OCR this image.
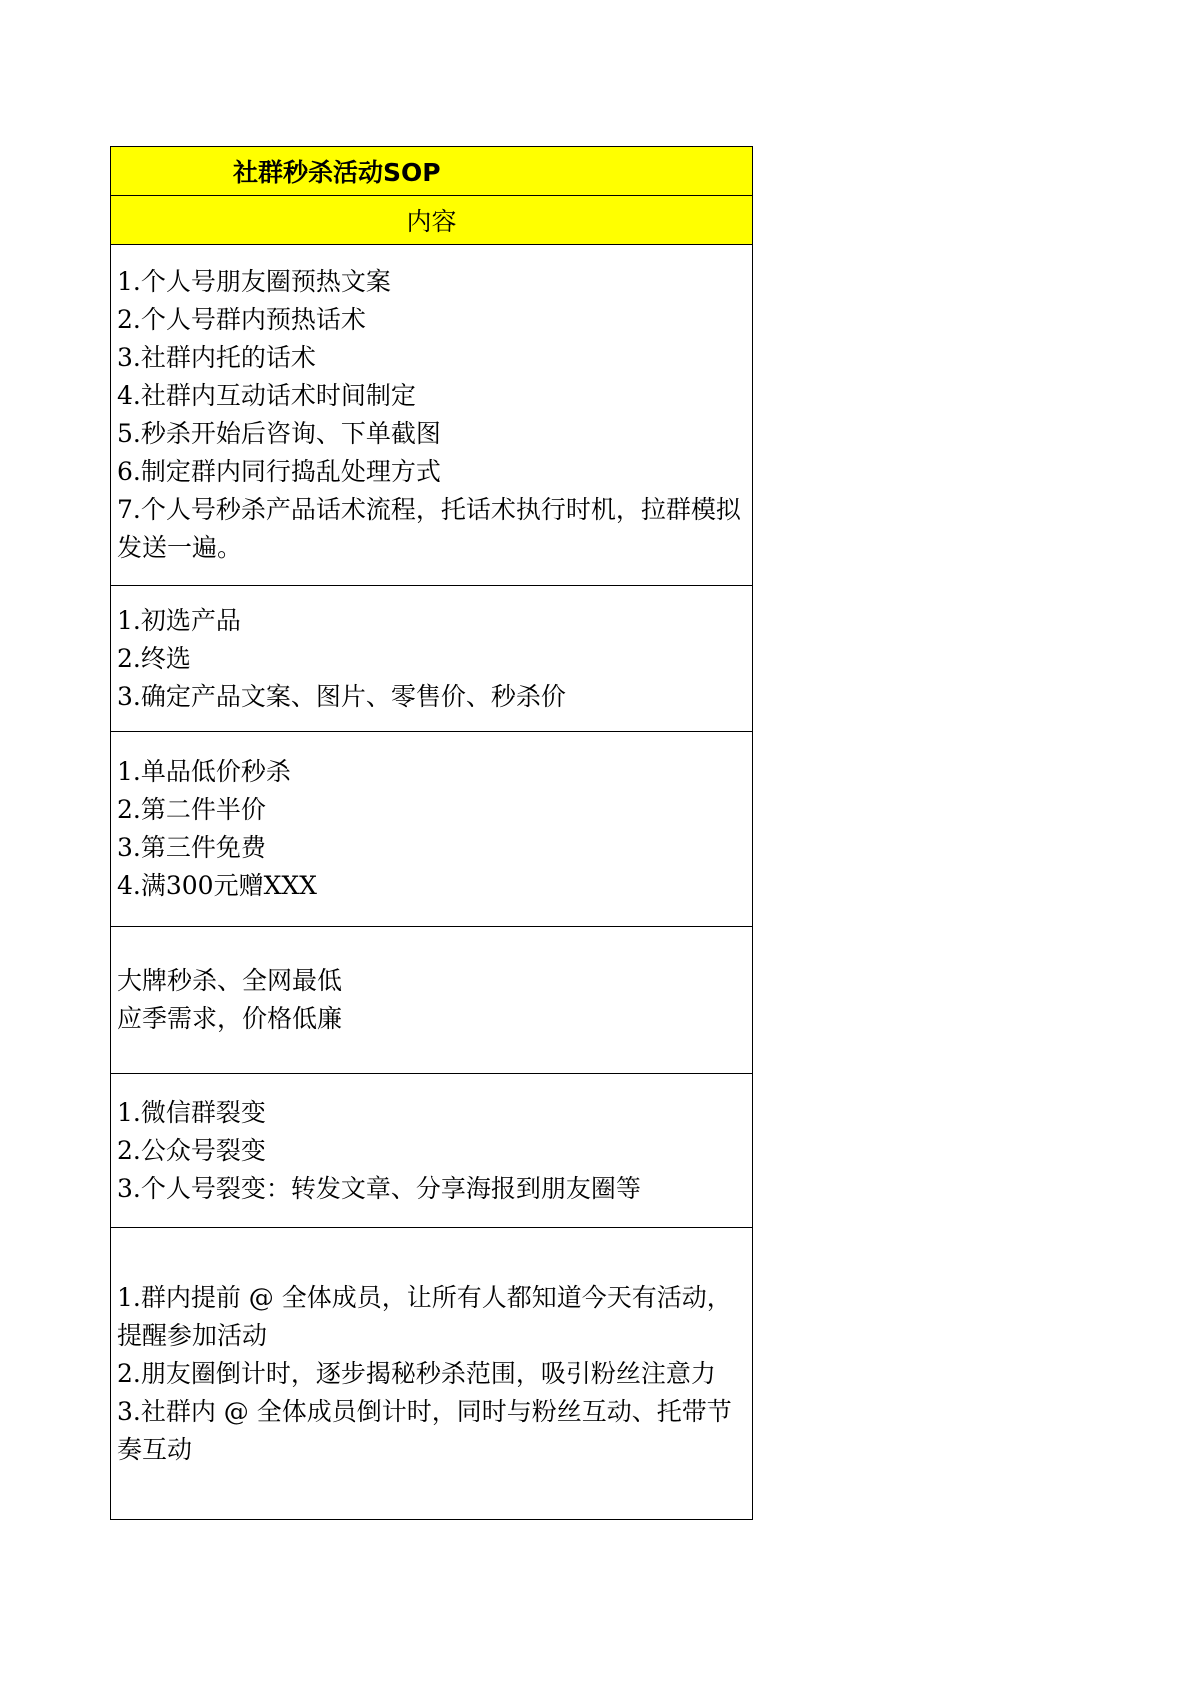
社群秒杀活动SOP
内容

1.个人号朋友圈预热文案
2.个人号群内预热话术
3.社群内托的话术
4.社群内互动话术时间制定
5.秒杀开始后咨询、下单截图
6.制定群内同行捣乱处理方式
7.个人号秒杀产品话术流程，托话术执行时机，拉群模拟发送一遍。

1.初选产品
2.终选
3.确定产品文案、图片、零售价、秒杀价

1.单品低价秒杀
2.第二件半价
3.第三件免费
4.满300元赠XXX

大牌秒杀、全网最低
应季需求，价格低廉

1.微信群裂变
2.公众号裂变
3.个人号裂变：转发文章、分享海报到朋友圈等

1.群内提前 @ 全体成员，让所有人都知道今天有活动，提醒参加活动
2.朋友圈倒计时，逐步揭秘秒杀范围，吸引粉丝注意力
3.社群内 @ 全体成员倒计时，同时与粉丝互动、托带节奏互动
